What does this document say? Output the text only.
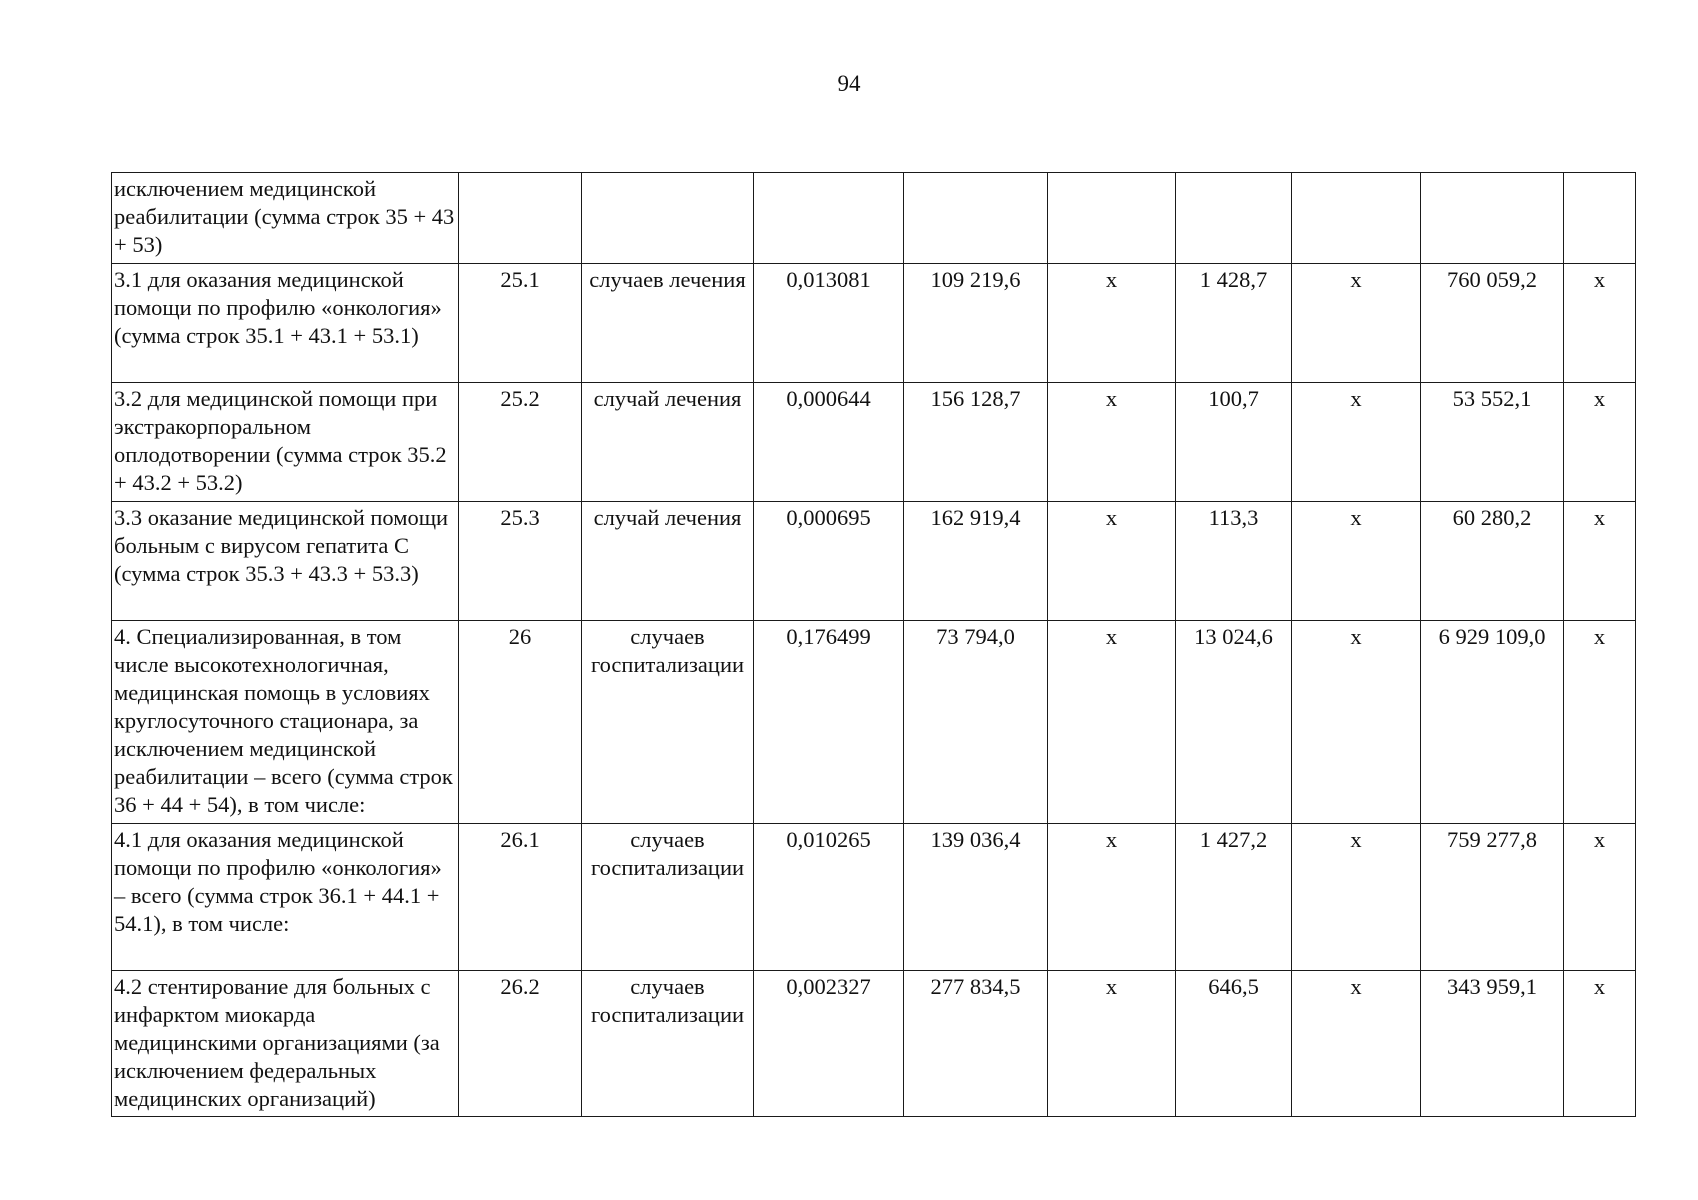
94
исключением медицинской реабилитации (сумма строк 35 + 43 + 53)									
3.1 для оказания медицинской помощи по профилю «онкология» (сумма строк 35.1 + 43.1 + 53.1)	25.1	случаев лечения	0,013081	109 219,6	х	1 428,7	х	760 059,2	х
3.2 для медицинской помощи при экстракорпоральном оплодотворении (сумма строк 35.2 + 43.2 + 53.2)	25.2	случай лечения	0,000644	156 128,7	х	100,7	х	53 552,1	х
3.3 оказание медицинской помощи больным с вирусом гепатита С (сумма строк 35.3 + 43.3 + 53.3)	25.3	случай лечения	0,000695	162 919,4	х	113,3	х	60 280,2	х
4. Специализированная, в том числе высокотехнологичная, медицинская помощь в условиях круглосуточного стационара, за исключением медицинской реабилитации – всего (сумма строк 36 + 44 + 54), в том числе:	26	случаев госпитализации	0,176499	73 794,0	х	13 024,6	х	6 929 109,0	х
4.1 для оказания медицинской помощи по профилю «онкология» – всего (сумма строк 36.1 + 44.1 + 54.1), в том числе:	26.1	случаев госпитализации	0,010265	139 036,4	х	1 427,2	х	759 277,8	х
4.2 стентирование для больных с инфарктом миокарда медицинскими организациями (за исключением федеральных медицинских организаций)	26.2	случаев госпитализации	0,002327	277 834,5	х	646,5	х	343 959,1	х
